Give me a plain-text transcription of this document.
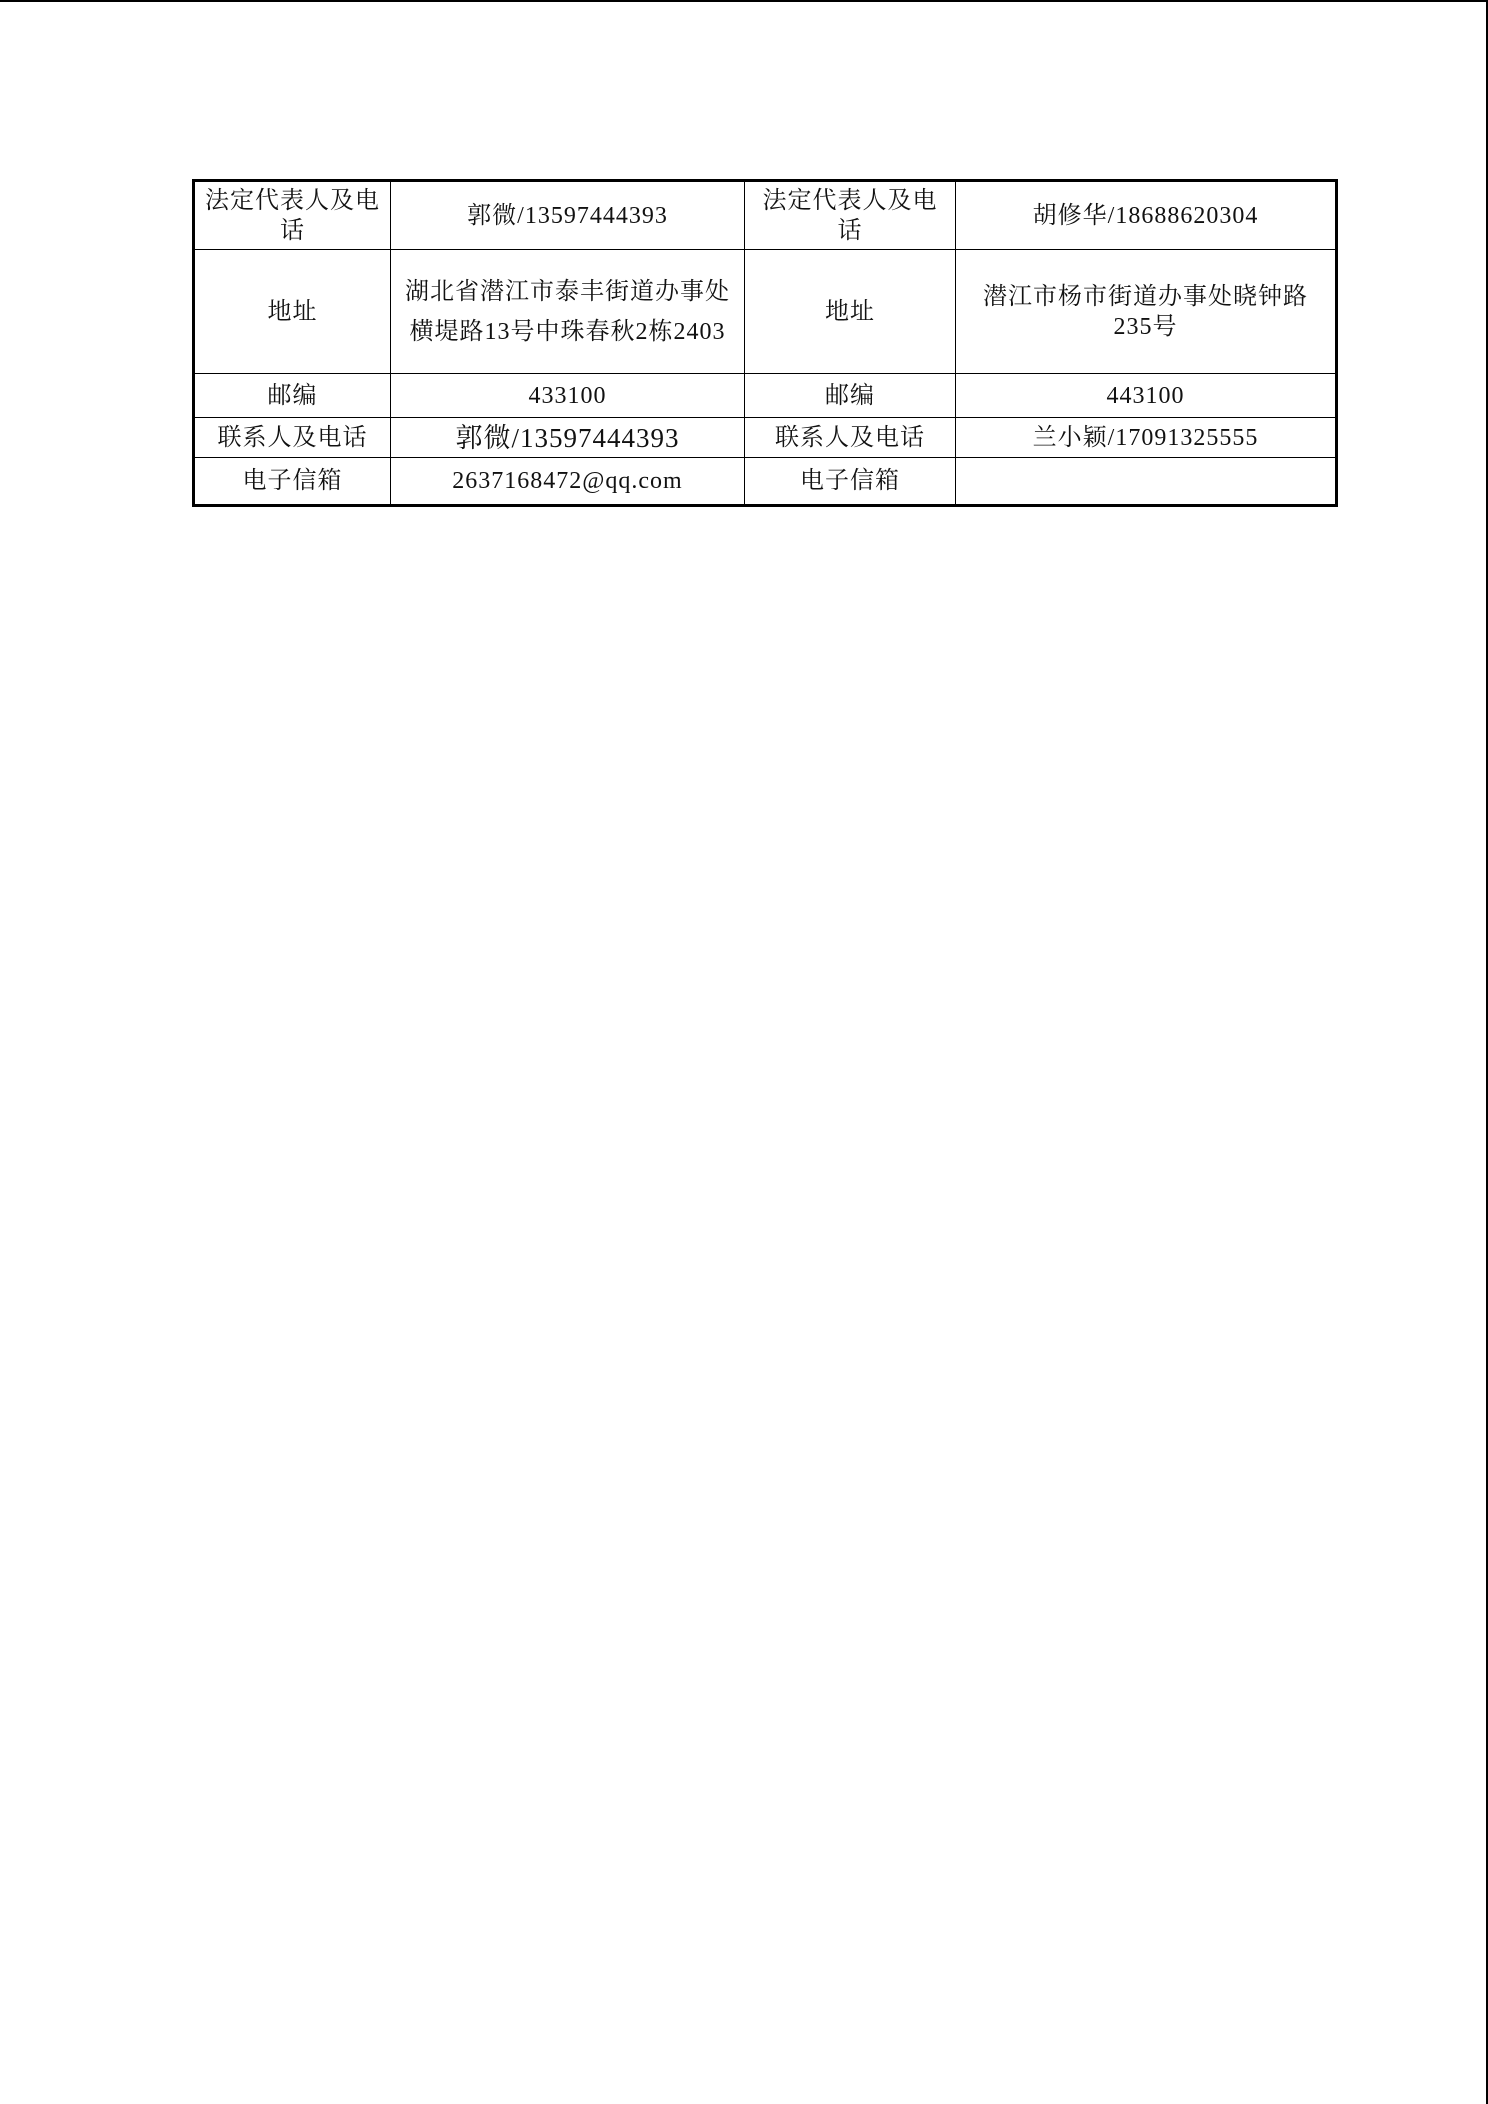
法定代表人及电话	郭微/13597444393	法定代表人及电话	胡修华/18688620304
地址	湖北省潜江市泰丰街道办事处横堤路13号中珠春秋2栋2403	地址	潜江市杨市街道办事处晓钟路235号
邮编	433100	邮编	443100
联系人及电话	郭微/13597444393	联系人及电话	兰小颖/17091325555
电子信箱	2637168472@qq.com	电子信箱	
